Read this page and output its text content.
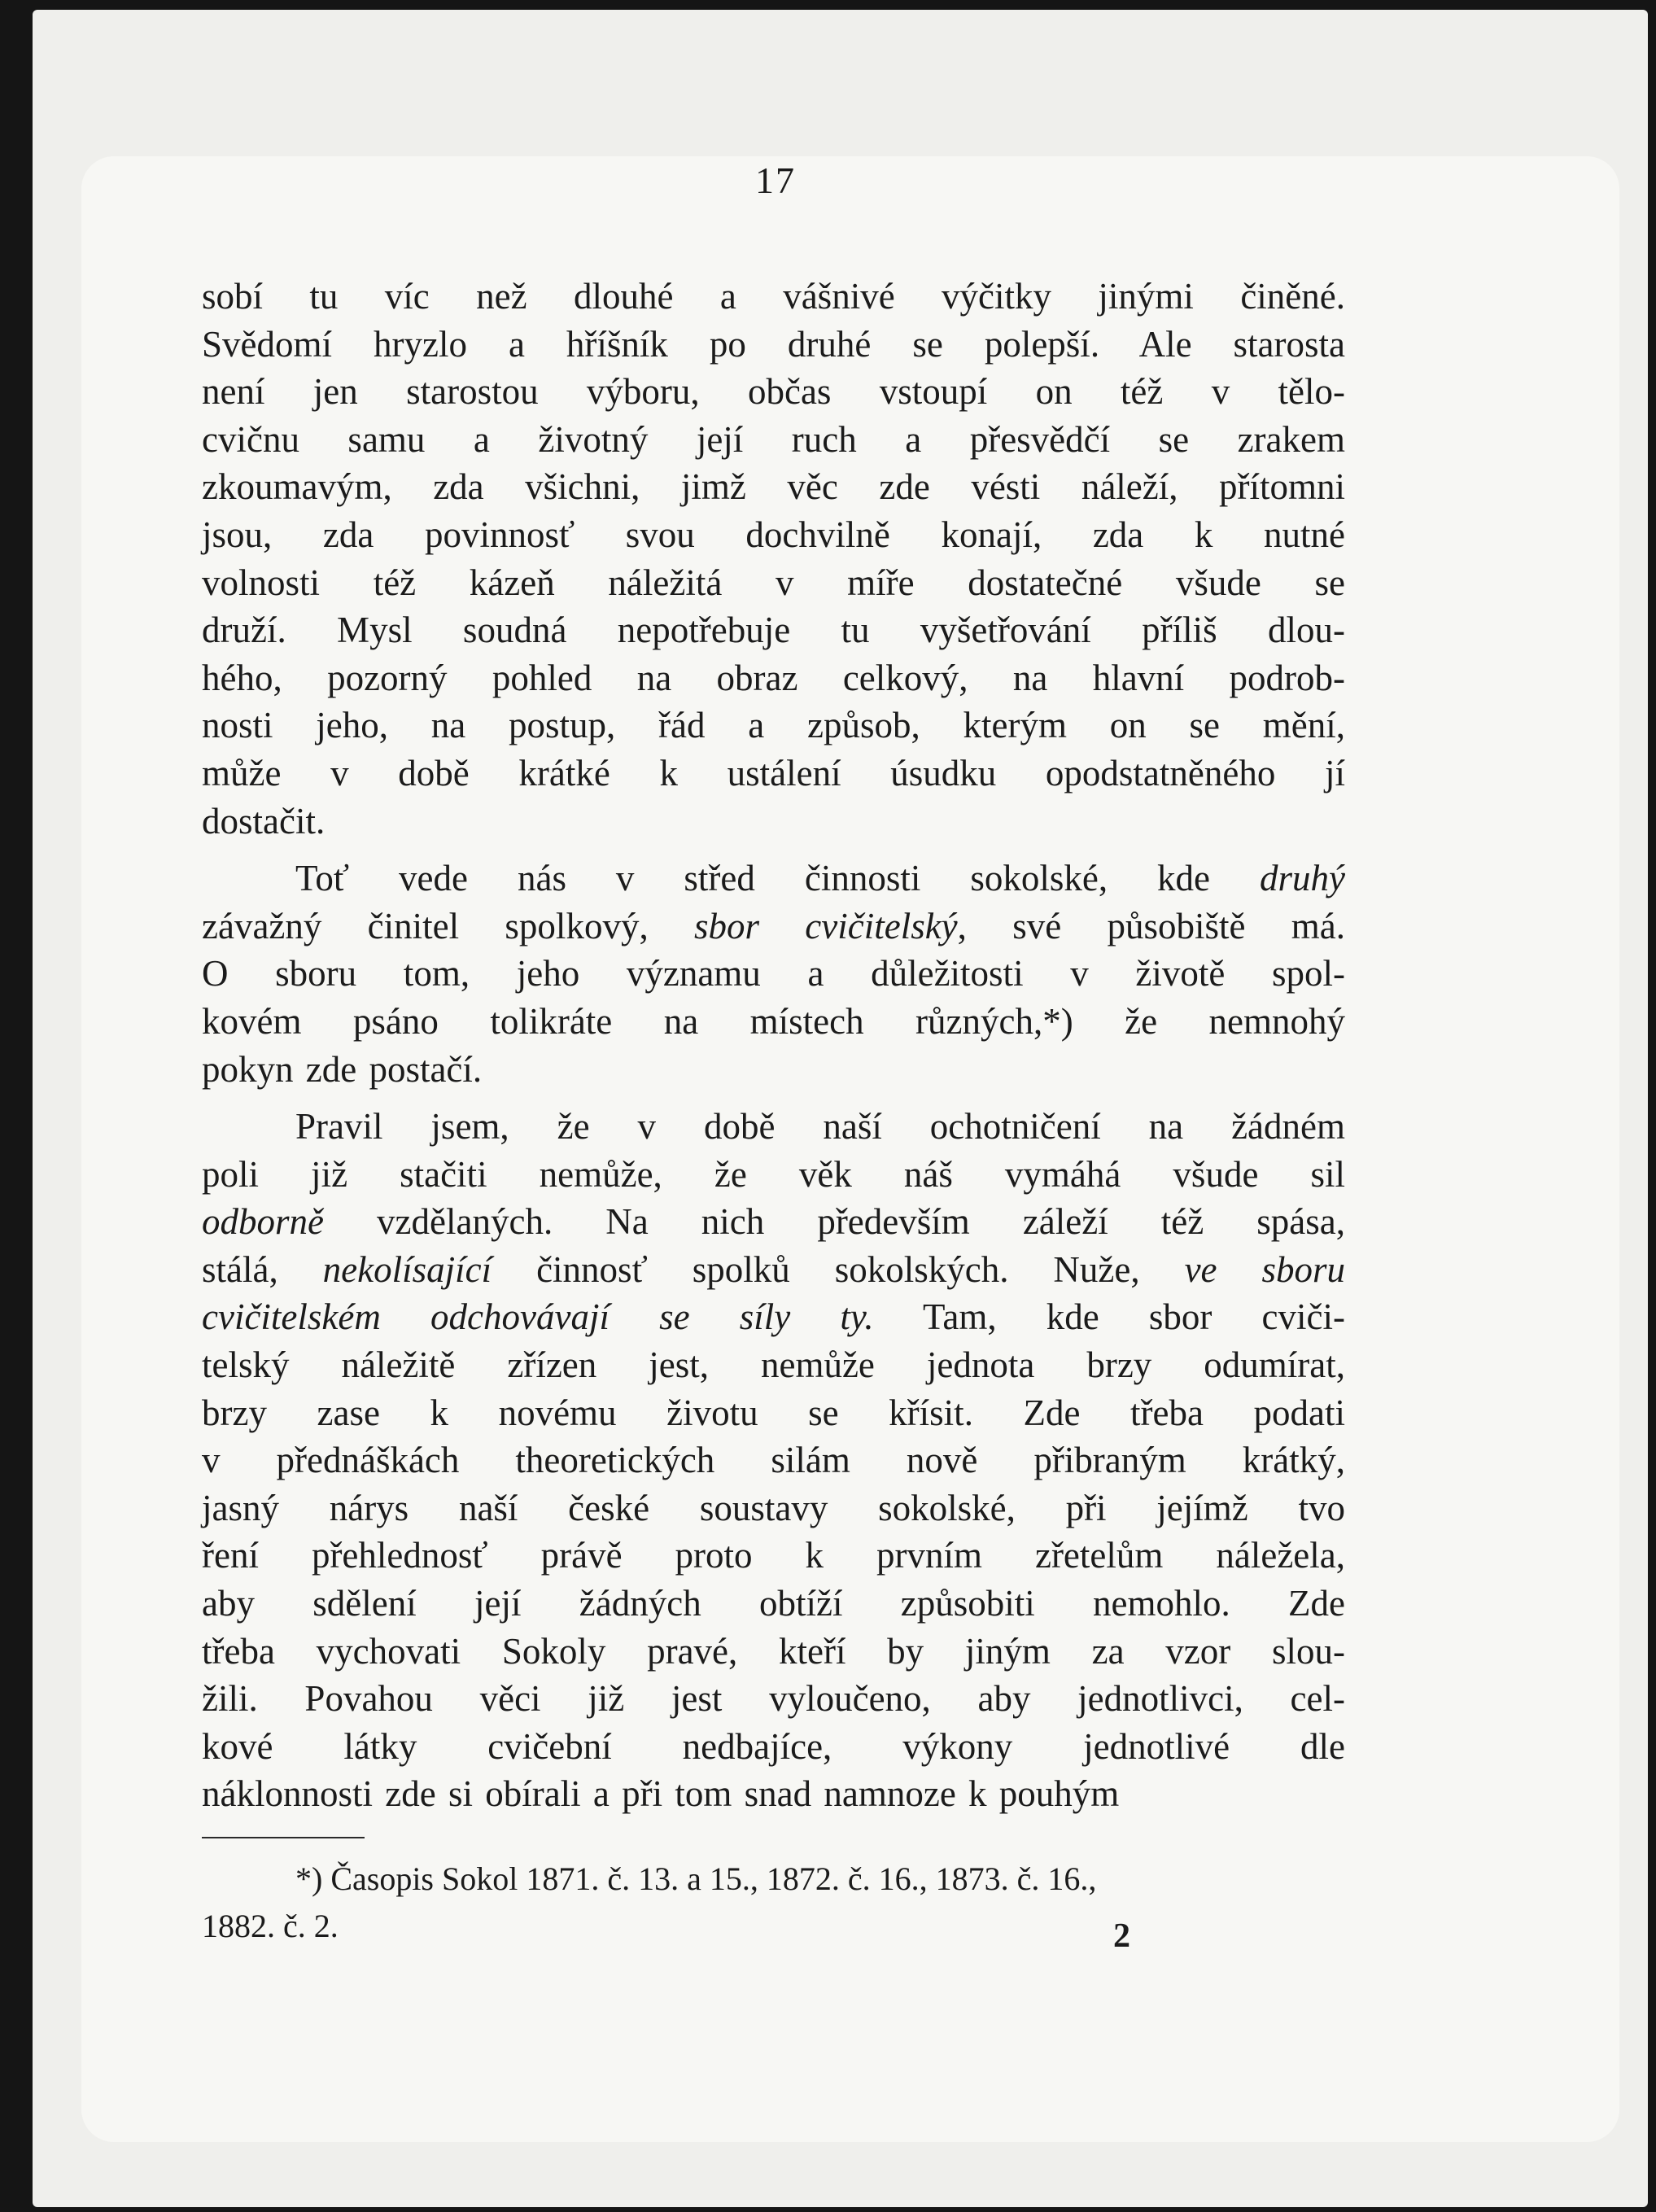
17

sobí tu víc než dlouhé a vášnivé výčitky jinými činěné.
Svědomí hryzlo a hříšník po druhé se polepší. Ale starosta
není jen starostou výboru, občas vstoupí on též v tělo-
cvičnu samu a životný její ruch a přesvědčí se zrakem
zkoumavým, zda všichni, jimž věc zde vésti náleží, přítomni
jsou, zda povinnosť svou dochvilně konají, zda k nutné
volnosti též kázeň náležitá v míře dostatečné všude se
druží. Mysl soudná nepotřebuje tu vyšetřování příliš dlou-
hého, pozorný pohled na obraz celkový, na hlavní podrob-
nosti jeho, na postup, řád a způsob, kterým on se mění,
může v době krátké k ustálení úsudku opodstatněného jí
dostačit.

Toť vede nás v střed činnosti sokolské, kde druhý
závažný činitel spolkový, sbor cvičitelský, své působiště má.
O sboru tom, jeho významu a důležitosti v životě spol-
kovém psáno tolikráte na místech různých,*) že nemnohý
pokyn zde postačí.

Pravil jsem, že v době naší ochotničení na žádném
poli již stačiti nemůže, že věk náš vymáhá všude sil
odborně vzdělaných. Na nich především záleží též spása,
stálá, nekolísající činnosť spolků sokolských. Nuže, ve sboru
cvičitelském odchovávají se síly ty. Tam, kde sbor cviči-
telský náležitě zřízen jest, nemůže jednota brzy odumírat,
brzy zase k novému životu se křísit. Zde třeba podati
v přednáškách theoretických silám nově přibraným krátký,
jasný nárys naší české soustavy sokolské, při jejímž tvo
ření přehlednosť právě proto k prvním zřetelům náležela,
aby sdělení její žádných obtíží způsobiti nemohlo. Zde
třeba vychovati Sokoly pravé, kteří by jiným za vzor slou-
žili. Povahou věci již jest vyloučeno, aby jednotlivci, cel-
kové látky cvičební nedbajíce, výkony jednotlivé dle
náklonnosti zde si obírali a při tom snad namnoze k pouhým

*) Časopis Sokol 1871. č. 13. a 15., 1872. č. 16., 1873. č. 16.,
1882. č. 2.	2
